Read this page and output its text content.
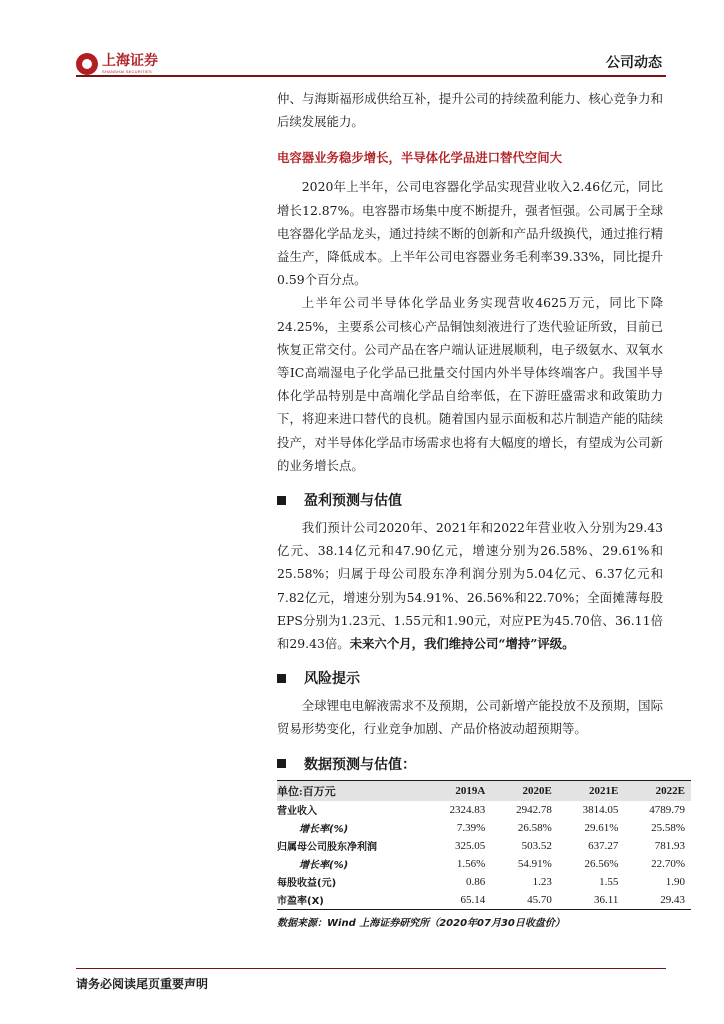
上海证券
SHANGHAI SECURITIES
公司动态

仲、与海斯福形成供给互补，提升公司的持续盈利能力、核心竞争力和后续发展能力。

电容器业务稳步增长，半导体化学品进口替代空间大

2020年上半年，公司电容器化学品实现营业收入2.46亿元，同比增长12.87%。电容器市场集中度不断提升，强者恒强。公司属于全球电容器化学品龙头，通过持续不断的创新和产品升级换代，通过推行精益生产，降低成本。上半年公司电容器业务毛利率39.33%，同比提升0.59个百分点。

上半年公司半导体化学品业务实现营收4625万元，同比下降24.25%，主要系公司核心产品铜蚀刻液进行了迭代验证所致，目前已恢复正常交付。公司产品在客户端认证进展顺利，电子级氨水、双氧水等IC高端湿电子化学品已批量交付国内外半导体终端客户。我国半导体化学品特别是中高端化学品自给率低，在下游旺盛需求和政策助力下，将迎来进口替代的良机。随着国内显示面板和芯片制造产能的陆续投产，对半导体化学品市场需求也将有大幅度的增长，有望成为公司新的业务增长点。

盈利预测与估值

我们预计公司2020年、2021年和2022年营业收入分别为29.43亿元、38.14亿元和47.90亿元，增速分别为26.58%、29.61%和25.58%；归属于母公司股东净利润分别为5.04亿元、6.37亿元和7.82亿元，增速分别为54.91%、26.56%和22.70%；全面摊薄每股EPS分别为1.23元、1.55元和1.90元，对应PE为45.70倍、36.11倍和29.43倍。未来六个月，我们维持公司“增持”评级。

风险提示

全球锂电电解液需求不及预期，公司新增产能投放不及预期，国际贸易形势变化，行业竞争加剧、产品价格波动超预期等。

数据预测与估值：
单位:百万元	2019A	2020E	2021E	2022E
营业收入	2324.83	2942.78	3814.05	4789.79
增长率(%)	7.39%	26.58%	29.61%	25.58%
归属母公司股东净利润	325.05	503.52	637.27	781.93
增长率(%)	1.56%	54.91%	26.56%	22.70%
每股收益(元)	0.86	1.23	1.55	1.90
市盈率(X)	65.14	45.70	36.11	29.43
数据来源：Wind 上海证券研究所（2020年07月30日收盘价）
请务必阅读尾页重要声明
